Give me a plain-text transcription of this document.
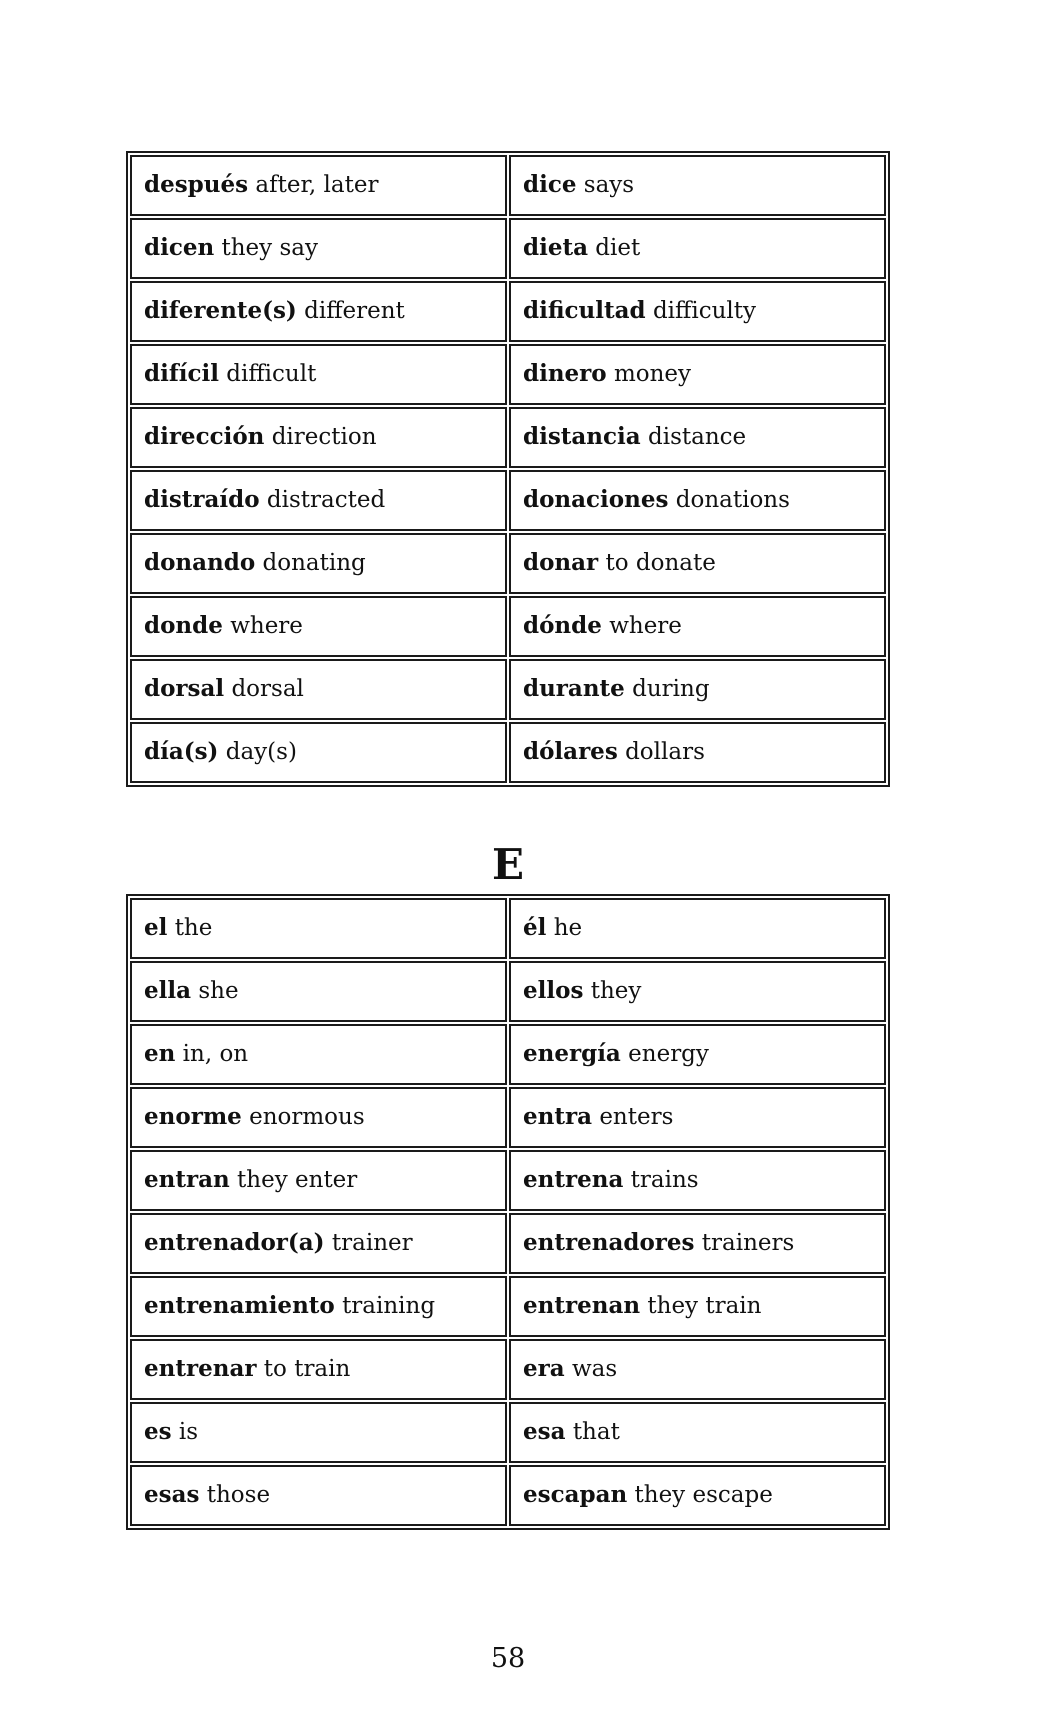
después after, later	dice says
dicen they say	dieta diet
diferente(s) different	dificultad difficulty
difícil difficult	dinero money
dirección direction	distancia distance
distraído distracted	donaciones donations
donando donating	donar to donate
donde where	dónde where
dorsal dorsal	durante during
día(s) day(s)	dólares dollars
E
el the	él he
ella she	ellos they
en in, on	energía energy
enorme enormous	entra enters
entran they enter	entrena trains
entrenador(a) trainer	entrenadores trainers
entrenamiento training	entrenan they train
entrenar to train	era was
es is	esa that
esas those	escapan they escape
58
